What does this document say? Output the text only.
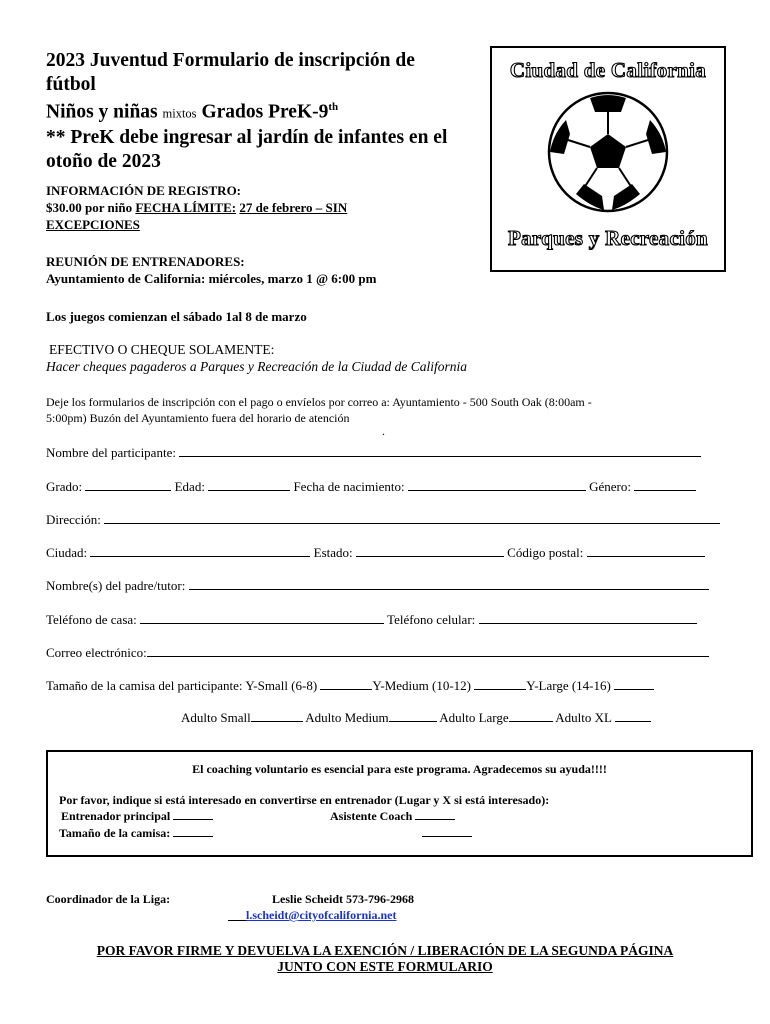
2023 Juventud Formulario de inscripción de
fútbol
Niños y niñas mixtos Grados PreK-9th
** PreK debe ingresar al jardín de infantes en el
otoño de 2023
Ciudad de California
Parques y Recreación
INFORMACIÓN DE REGISTRO:
$30.00 por niño FECHA LÍMITE: 27 de febrero – SIN
EXCEPCIONES
REUNIÓN DE ENTRENADORES:
Ayuntamiento de California: miércoles, marzo 1 @ 6:00 pm
Los juegos comienzan el sábado 1al 8 de marzo
EFECTIVO O CHEQUE SOLAMENTE:
Hacer cheques pagaderos a Parques y Recreación de la Ciudad de California
Deje los formularios de inscripción con el pago o envíelos por correo a: Ayuntamiento - 500 South Oak (8:00am -
5:00pm) Buzón del Ayuntamiento fuera del horario de atención
.
Nombre del participante:
Grado:	Edad:	Fecha de nacimiento:	Género:
Dirección:
Ciudad:	Estado:	Código postal:
Nombre(s) del padre/tutor:
Teléfono de casa:	Teléfono celular:
Correo electrónico:
Tamaño de la camisa del participante: Y-Small (6-8)	Y-Medium (10-12)	Y-Large (14-16)
Adulto Small	Adulto Medium	Adulto Large	Adulto XL
El coaching voluntario es esencial para este programa. Agradecemos su ayuda!!!!
Por favor, indique si está interesado en convertirse en entrenador (Lugar y X si está interesado):
Entrenador principal	Asistente Coach
Tamaño de la camisa:
Coordinador de la Liga:	Leslie Scheidt 573-796-2968
l.scheidt@cityofcalifornia.net
POR FAVOR FIRME Y DEVUELVA LA EXENCIÓN / LIBERACIÓN DE LA SEGUNDA PÁGINA
JUNTO CON ESTE FORMULARIO
